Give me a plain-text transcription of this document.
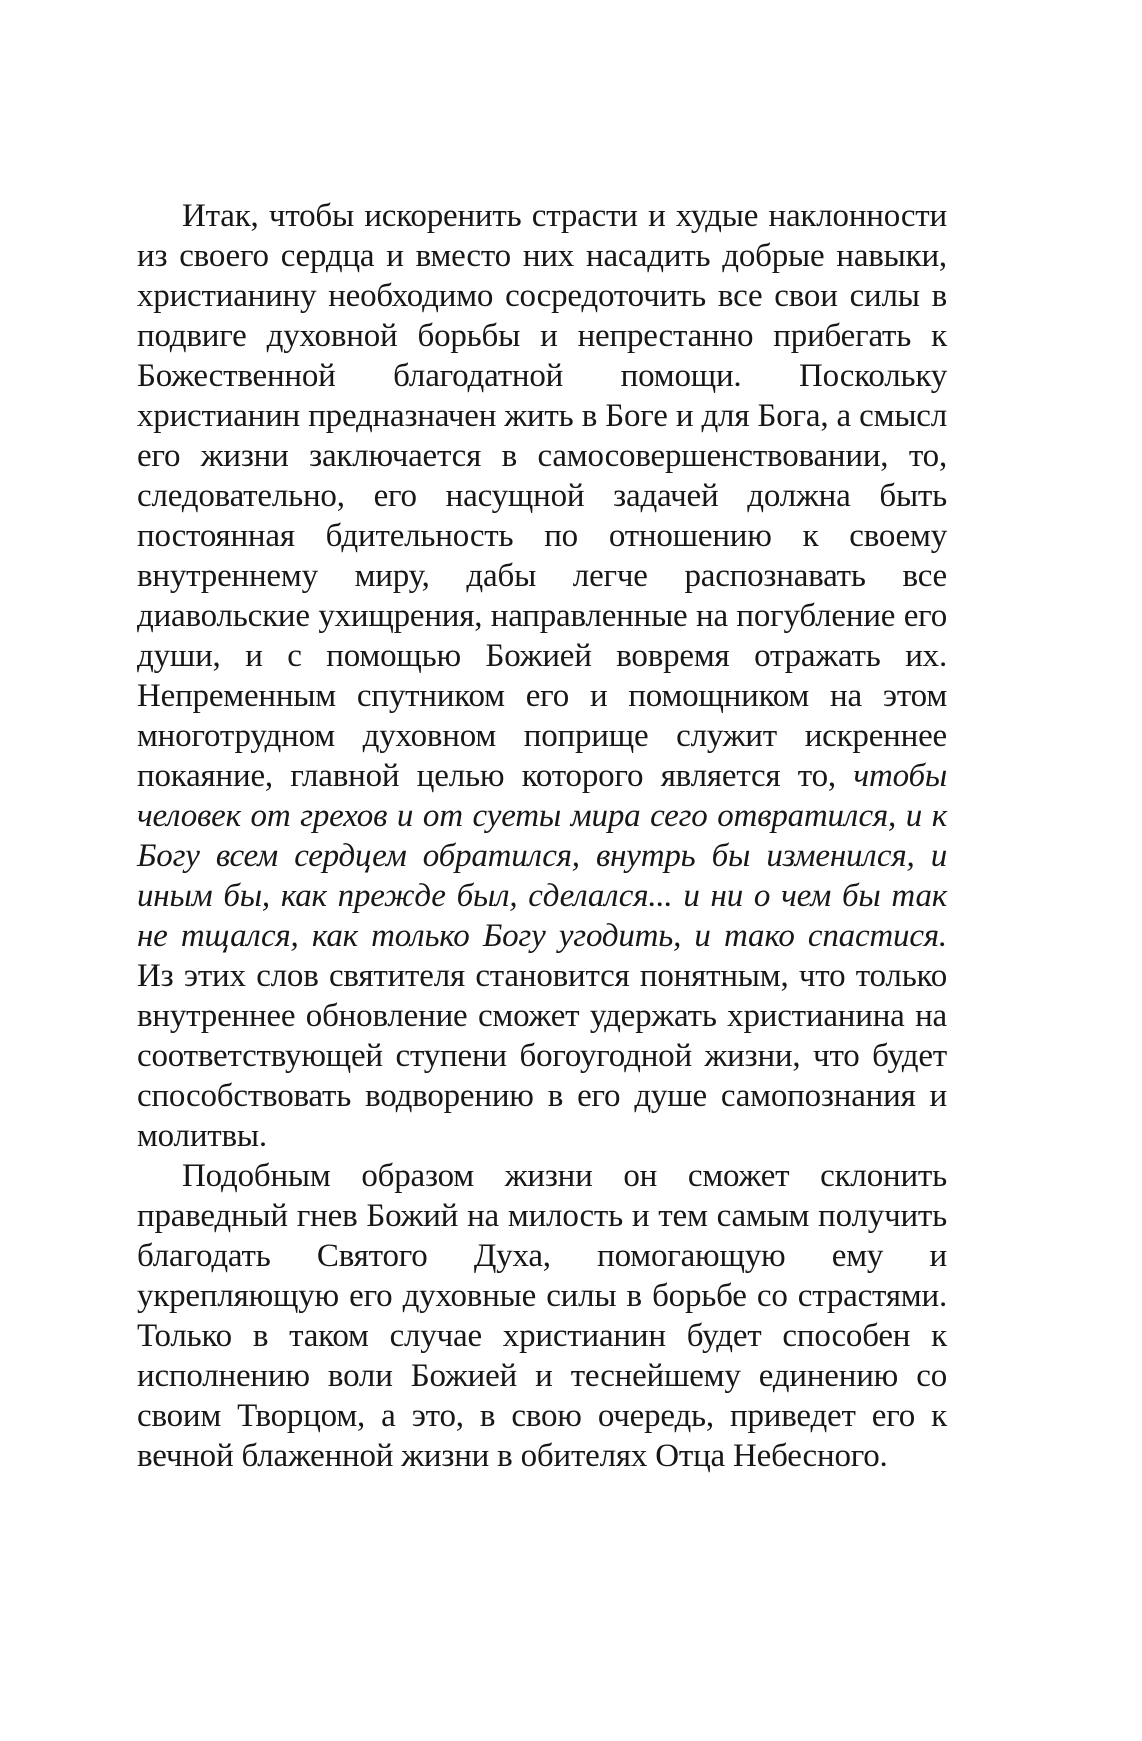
Итак, чтобы искоренить страсти и худые наклонности из своего сердца и вместо них насадить добрые навыки, христианину необходимо сосредоточить все свои силы в подвиге духовной борьбы и непрестанно прибегать к Божественной благодатной помощи. Поскольку христианин предназначен жить в Боге и для Бога, а смысл его жизни заключается в самосовершенствовании, то, следовательно, его насущной задачей должна быть постоянная бдительность по отношению к своему внутреннему миру, дабы легче распознавать все диавольские ухищрения, направленные на погубление его души, и с помощью Божией вовремя отражать их. Непременным спутником его и помощником на этом многотрудном духовном поприще служит искреннее покаяние, главной целью которого является то, чтобы человек от грехов и от суеты мира сего отвратился, и к Богу всем сердцем обратился, внутрь бы изменился, и иным бы, как прежде был, сделался... и ни о чем бы так не тщался, как только Богу угодить, и тако спастися. Из этих слов святителя становится понятным, что только внутреннее обновление сможет удержать христианина на соответствующей ступени богоугодной жизни, что будет способствовать водворению в его душе самопознания и молитвы.

Подобным образом жизни он сможет склонить праведный гнев Божий на милость и тем самым получить благодать Святого Духа, помогающую ему и укрепляющую его духовные силы в борьбе со страстями. Только в таком случае христианин будет способен к исполнению воли Божией и теснейшему единению со своим Творцом, а это, в свою очередь, приведет его к вечной блаженной жизни в обителях Отца Небесного.
